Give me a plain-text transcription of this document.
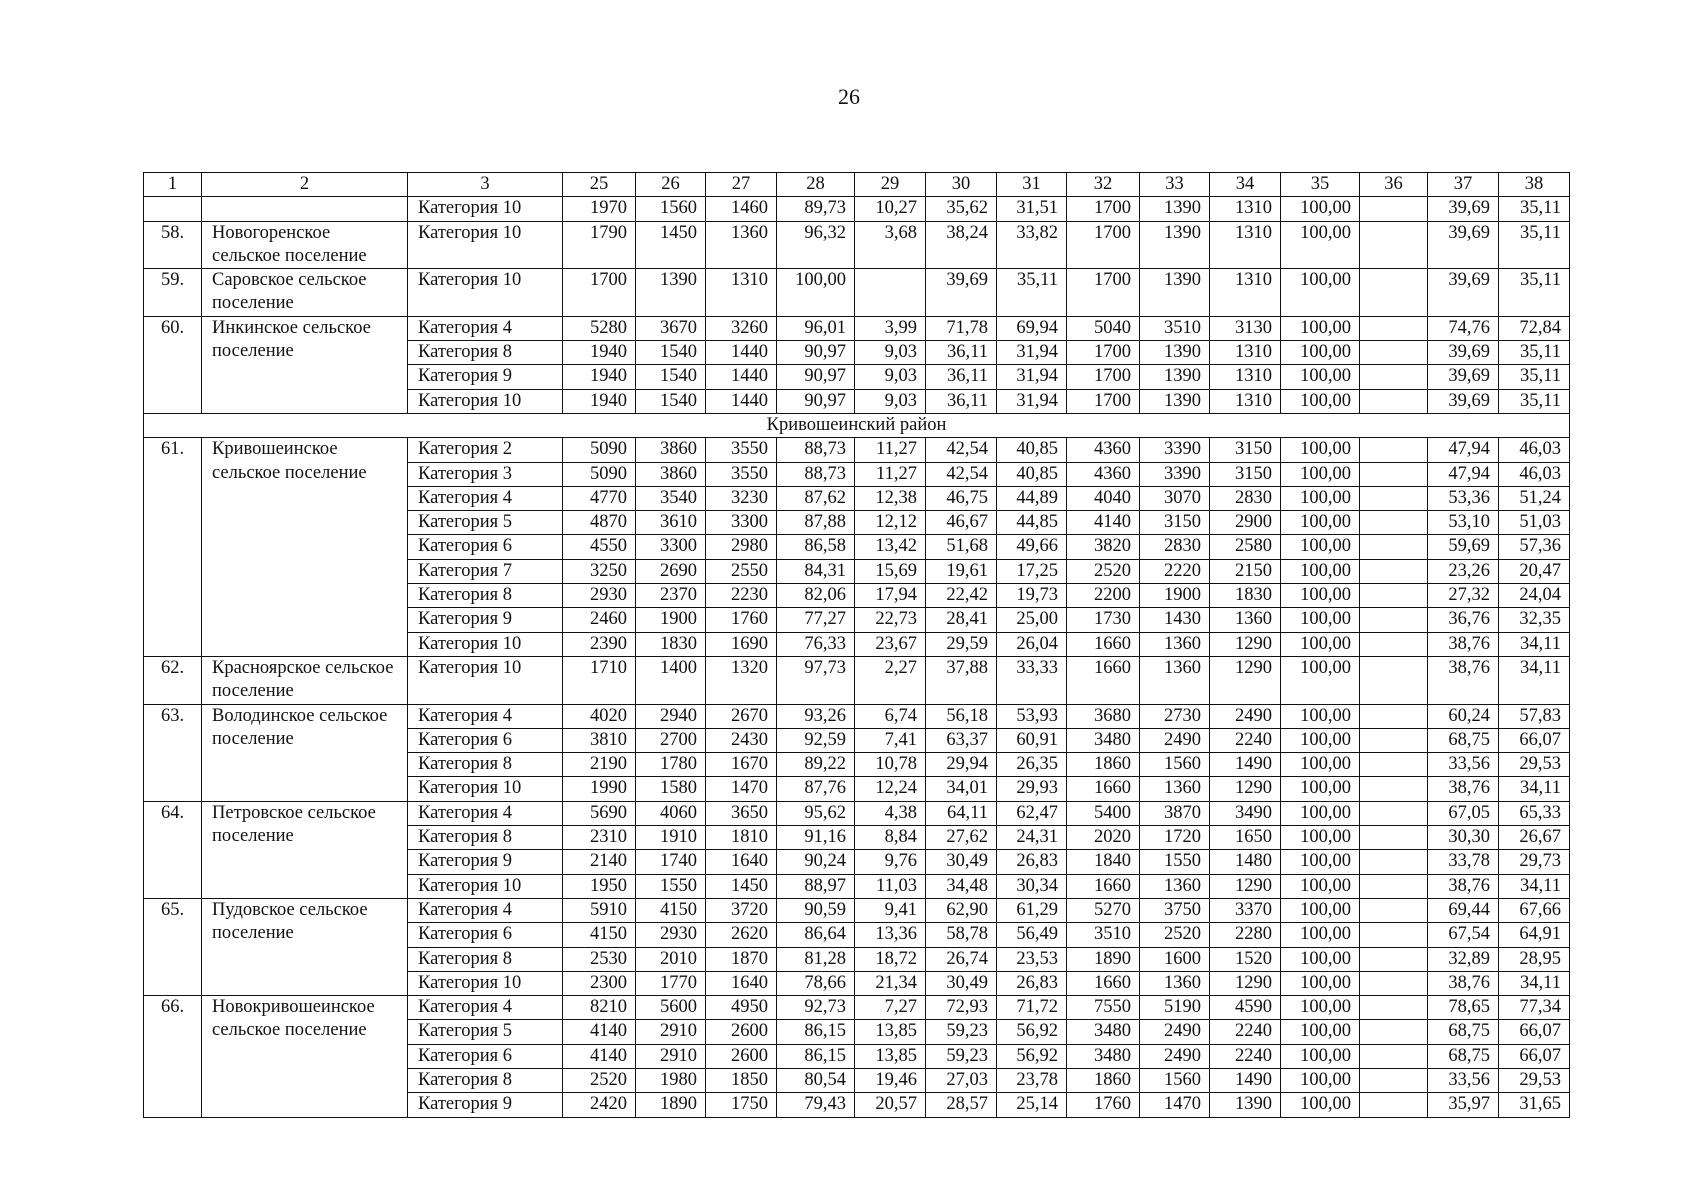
26
1	2	3	25	26	27	28	29	30	31	32	33	34	35	36	37	38
		Категория 10	1970	1560	1460	89,73	10,27	35,62	31,51	1700	1390	1310	100,00		39,69	35,11
58.	Новогоренское сельское поселение	Категория 10	1790	1450	1360	96,32	3,68	38,24	33,82	1700	1390	1310	100,00		39,69	35,11
59.	Саровское сельское поселение	Категория 10	1700	1390	1310	100,00		39,69	35,11	1700	1390	1310	100,00		39,69	35,11
60.	Инкинское сельское поселение	Категория 4	5280	3670	3260	96,01	3,99	71,78	69,94	5040	3510	3130	100,00		74,76	72,84
		Категория 8	1940	1540	1440	90,97	9,03	36,11	31,94	1700	1390	1310	100,00		39,69	35,11
		Категория 9	1940	1540	1440	90,97	9,03	36,11	31,94	1700	1390	1310	100,00		39,69	35,11
		Категория 10	1940	1540	1440	90,97	9,03	36,11	31,94	1700	1390	1310	100,00		39,69	35,11
Кривошеинский район																
61.	Кривошеинское сельское поселение	Категория 2	5090	3860	3550	88,73	11,27	42,54	40,85	4360	3390	3150	100,00		47,94	46,03
		Категория 3	5090	3860	3550	88,73	11,27	42,54	40,85	4360	3390	3150	100,00		47,94	46,03
		Категория 4	4770	3540	3230	87,62	12,38	46,75	44,89	4040	3070	2830	100,00		53,36	51,24
		Категория 5	4870	3610	3300	87,88	12,12	46,67	44,85	4140	3150	2900	100,00		53,10	51,03
		Категория 6	4550	3300	2980	86,58	13,42	51,68	49,66	3820	2830	2580	100,00		59,69	57,36
		Категория 7	3250	2690	2550	84,31	15,69	19,61	17,25	2520	2220	2150	100,00		23,26	20,47
		Категория 8	2930	2370	2230	82,06	17,94	22,42	19,73	2200	1900	1830	100,00		27,32	24,04
		Категория 9	2460	1900	1760	77,27	22,73	28,41	25,00	1730	1430	1360	100,00		36,76	32,35
		Категория 10	2390	1830	1690	76,33	23,67	29,59	26,04	1660	1360	1290	100,00		38,76	34,11
62.	Красноярское сельское поселение	Категория 10	1710	1400	1320	97,73	2,27	37,88	33,33	1660	1360	1290	100,00		38,76	34,11
63.	Володинское сельское поселение	Категория 4	4020	2940	2670	93,26	6,74	56,18	53,93	3680	2730	2490	100,00		60,24	57,83
		Категория 6	3810	2700	2430	92,59	7,41	63,37	60,91	3480	2490	2240	100,00		68,75	66,07
		Категория 8	2190	1780	1670	89,22	10,78	29,94	26,35	1860	1560	1490	100,00		33,56	29,53
		Категория 10	1990	1580	1470	87,76	12,24	34,01	29,93	1660	1360	1290	100,00		38,76	34,11
64.	Петровское сельское поселение	Категория 4	5690	4060	3650	95,62	4,38	64,11	62,47	5400	3870	3490	100,00		67,05	65,33
		Категория 8	2310	1910	1810	91,16	8,84	27,62	24,31	2020	1720	1650	100,00		30,30	26,67
		Категория 9	2140	1740	1640	90,24	9,76	30,49	26,83	1840	1550	1480	100,00		33,78	29,73
		Категория 10	1950	1550	1450	88,97	11,03	34,48	30,34	1660	1360	1290	100,00		38,76	34,11
65.	Пудовское сельское поселение	Категория 4	5910	4150	3720	90,59	9,41	62,90	61,29	5270	3750	3370	100,00		69,44	67,66
		Категория 6	4150	2930	2620	86,64	13,36	58,78	56,49	3510	2520	2280	100,00		67,54	64,91
		Категория 8	2530	2010	1870	81,28	18,72	26,74	23,53	1890	1600	1520	100,00		32,89	28,95
		Категория 10	2300	1770	1640	78,66	21,34	30,49	26,83	1660	1360	1290	100,00		38,76	34,11
66.	Новокривошеинское сельское поселение	Категория 4	8210	5600	4950	92,73	7,27	72,93	71,72	7550	5190	4590	100,00		78,65	77,34
		Категория 5	4140	2910	2600	86,15	13,85	59,23	56,92	3480	2490	2240	100,00		68,75	66,07
		Категория 6	4140	2910	2600	86,15	13,85	59,23	56,92	3480	2490	2240	100,00		68,75	66,07
		Категория 8	2520	1980	1850	80,54	19,46	27,03	23,78	1860	1560	1490	100,00		33,56	29,53
		Категория 9	2420	1890	1750	79,43	20,57	28,57	25,14	1760	1470	1390	100,00		35,97	31,65
